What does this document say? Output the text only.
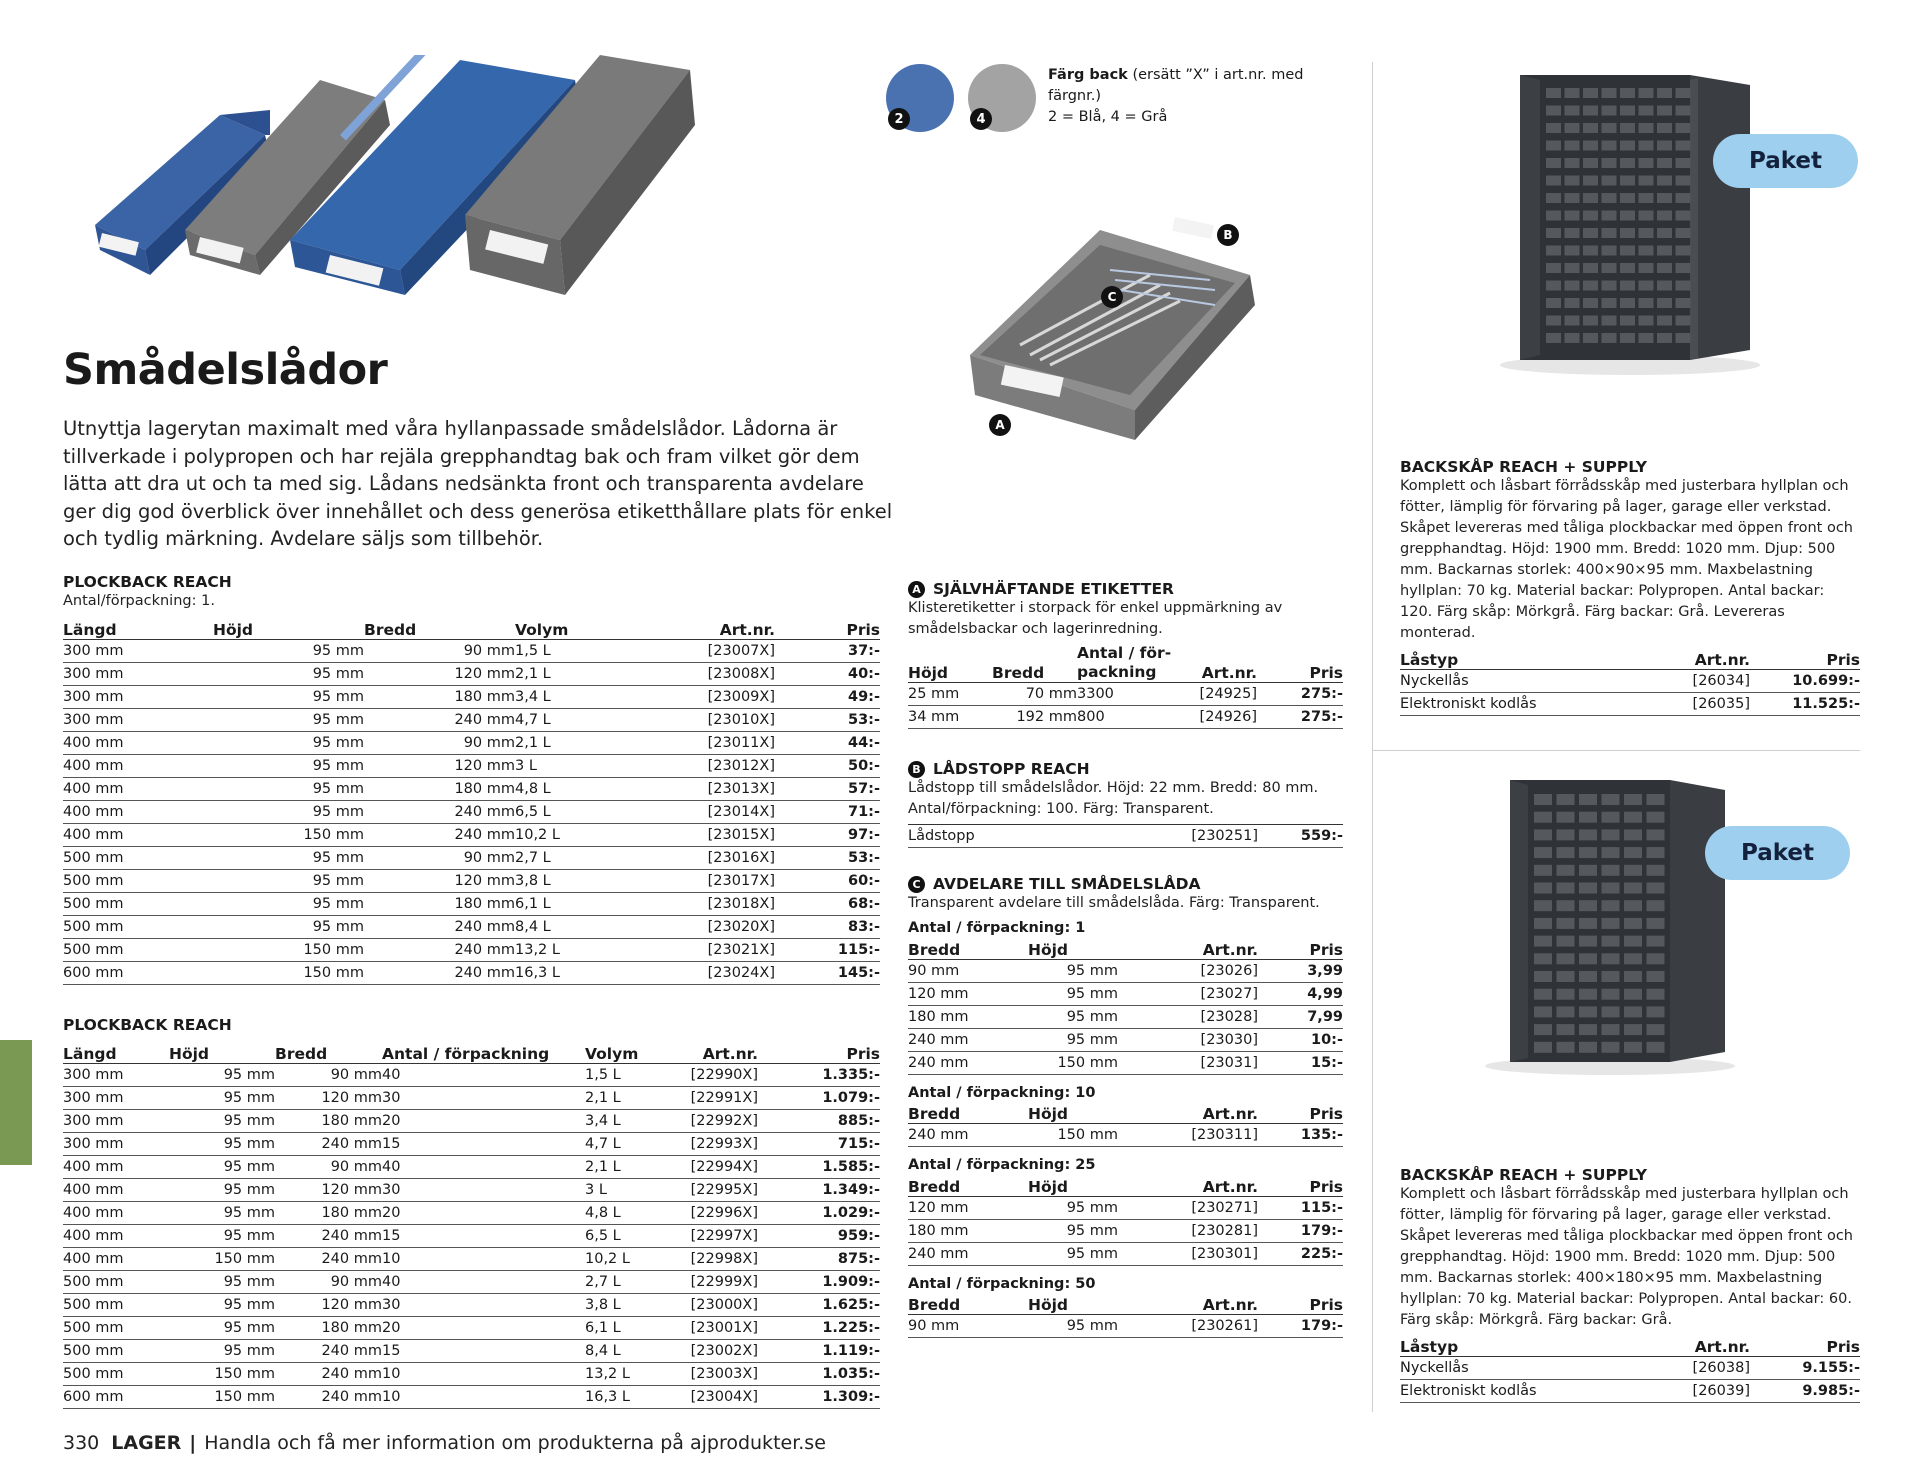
Smådelslådor

Utnyttja lagerytan maximalt med våra hyllanpassade smådelslådor. Lådorna är tillverkade i polypropen och har rejäla grepphandtag bak och fram vilket gör dem lätta att dra ut och ta med sig. Lådans nedsänkta front och transparenta avdelare ger dig god överblick över innehållet och dess generösa etiketthållare plats för enkel och tydlig märkning. Avdelare säljs som tillbehör.

PLOCKBACK REACH
Antal/förpackning: 1.
Längd	Höjd	Bredd	Volym	Art.nr.	Pris
300 mm	95 mm	90 mm	1,5 L	[23007X]	37:-
300 mm	95 mm	120 mm	2,1 L	[23008X]	40:-
300 mm	95 mm	180 mm	3,4 L	[23009X]	49:-
300 mm	95 mm	240 mm	4,7 L	[23010X]	53:-
400 mm	95 mm	90 mm	2,1 L	[23011X]	44:-
400 mm	95 mm	120 mm	3 L	[23012X]	50:-
400 mm	95 mm	180 mm	4,8 L	[23013X]	57:-
400 mm	95 mm	240 mm	6,5 L	[23014X]	71:-
400 mm	150 mm	240 mm	10,2 L	[23015X]	97:-
500 mm	95 mm	90 mm	2,7 L	[23016X]	53:-
500 mm	95 mm	120 mm	3,8 L	[23017X]	60:-
500 mm	95 mm	180 mm	6,1 L	[23018X]	68:-
500 mm	95 mm	240 mm	8,4 L	[23020X]	83:-
500 mm	150 mm	240 mm	13,2 L	[23021X]	115:-
600 mm	150 mm	240 mm	16,3 L	[23024X]	145:-
PLOCKBACK REACH
Längd	Höjd	Bredd	Antal / förpackning	Volym	Art.nr.	Pris
300 mm	95 mm	90 mm	40	1,5 L	[22990X]	1.335:-
300 mm	95 mm	120 mm	30	2,1 L	[22991X]	1.079:-
300 mm	95 mm	180 mm	20	3,4 L	[22992X]	885:-
300 mm	95 mm	240 mm	15	4,7 L	[22993X]	715:-
400 mm	95 mm	90 mm	40	2,1 L	[22994X]	1.585:-
400 mm	95 mm	120 mm	30	3 L	[22995X]	1.349:-
400 mm	95 mm	180 mm	20	4,8 L	[22996X]	1.029:-
400 mm	95 mm	240 mm	15	6,5 L	[22997X]	959:-
400 mm	150 mm	240 mm	10	10,2 L	[22998X]	875:-
500 mm	95 mm	90 mm	40	2,7 L	[22999X]	1.909:-
500 mm	95 mm	120 mm	30	3,8 L	[23000X]	1.625:-
500 mm	95 mm	180 mm	20	6,1 L	[23001X]	1.225:-
500 mm	95 mm	240 mm	15	8,4 L	[23002X]	1.119:-
500 mm	150 mm	240 mm	10	13,2 L	[23003X]	1.035:-
600 mm	150 mm	240 mm	10	16,3 L	[23004X]	1.309:-
2	4
Färg back (ersätt ”X” i art.nr. med färgnr.)
2 = Blå, 4 = Grå
A
B
C
A SJÄLVHÄFTANDE ETIKETTER
Klisteretiketter i storpack för enkel uppmärkning av smådelsbackar och lagerinredning.
Höjd	Bredd	Antal / för-packning	Art.nr.	Pris
25 mm	70 mm	3300	[24925]	275:-
34 mm	192 mm	800	[24926]	275:-
B LÅDSTOPP REACH
Lådstopp till smådelslådor. Höjd: 22 mm. Bredd: 80 mm. Antal/förpackning: 100. Färg: Transparent.
Lådstopp	[230251]	559:-
C AVDELARE TILL SMÅDELSLÅDA
Transparent avdelare till smådelslåda. Färg: Transparent.
Antal / förpackning: 1
Bredd	Höjd	Art.nr.	Pris
90 mm	95 mm	[23026]	3,99
120 mm	95 mm	[23027]	4,99
180 mm	95 mm	[23028]	7,99
240 mm	95 mm	[23030]	10:-
240 mm	150 mm	[23031]	15:-
Antal / förpackning: 10
Bredd	Höjd	Art.nr.	Pris
240 mm	150 mm	[230311]	135:-
Antal / förpackning: 25
Bredd	Höjd	Art.nr.	Pris
120 mm	95 mm	[230271]	115:-
180 mm	95 mm	[230281]	179:-
240 mm	95 mm	[230301]	225:-
Antal / förpackning: 50
Bredd	Höjd	Art.nr.	Pris
90 mm	95 mm	[230261]	179:-
Paket
BACKSKÅP REACH + SUPPLY
Komplett och låsbart förrådsskåp med justerbara hyllplan och fötter, lämplig för förvaring på lager, garage eller verkstad. Skåpet levereras med tåliga plockbackar med öppen front och grepphandtag. Höjd: 1900 mm. Bredd: 1020 mm. Djup: 500 mm. Backarnas storlek: 400×90×95 mm. Maxbelastning hyllplan: 70 kg. Material backar: Polypropen. Antal backar: 120. Färg skåp: Mörkgrå. Färg backar: Grå. Levereras monterad.
Låstyp	Art.nr.	Pris
Nyckellås	[26034]	10.699:-
Elektroniskt kodlås	[26035]	11.525:-
Paket
BACKSKÅP REACH + SUPPLY
Komplett och låsbart förrådsskåp med justerbara hyllplan och fötter, lämplig för förvaring på lager, garage eller verkstad. Skåpet levereras med tåliga plockbackar med öppen front och grepphandtag. Höjd: 1900 mm. Bredd: 1020 mm. Djup: 500 mm. Backarnas storlek: 400×180×95 mm. Maxbelastning hyllplan: 70 kg. Material backar: Polypropen. Antal backar: 60. Färg skåp: Mörkgrå. Färg backar: Grå.
Låstyp	Art.nr.	Pris
Nyckellås	[26038]	9.155:-
Elektroniskt kodlås	[26039]	9.985:-
330 LAGER | Handla och få mer information om produkterna på ajprodukter.se
